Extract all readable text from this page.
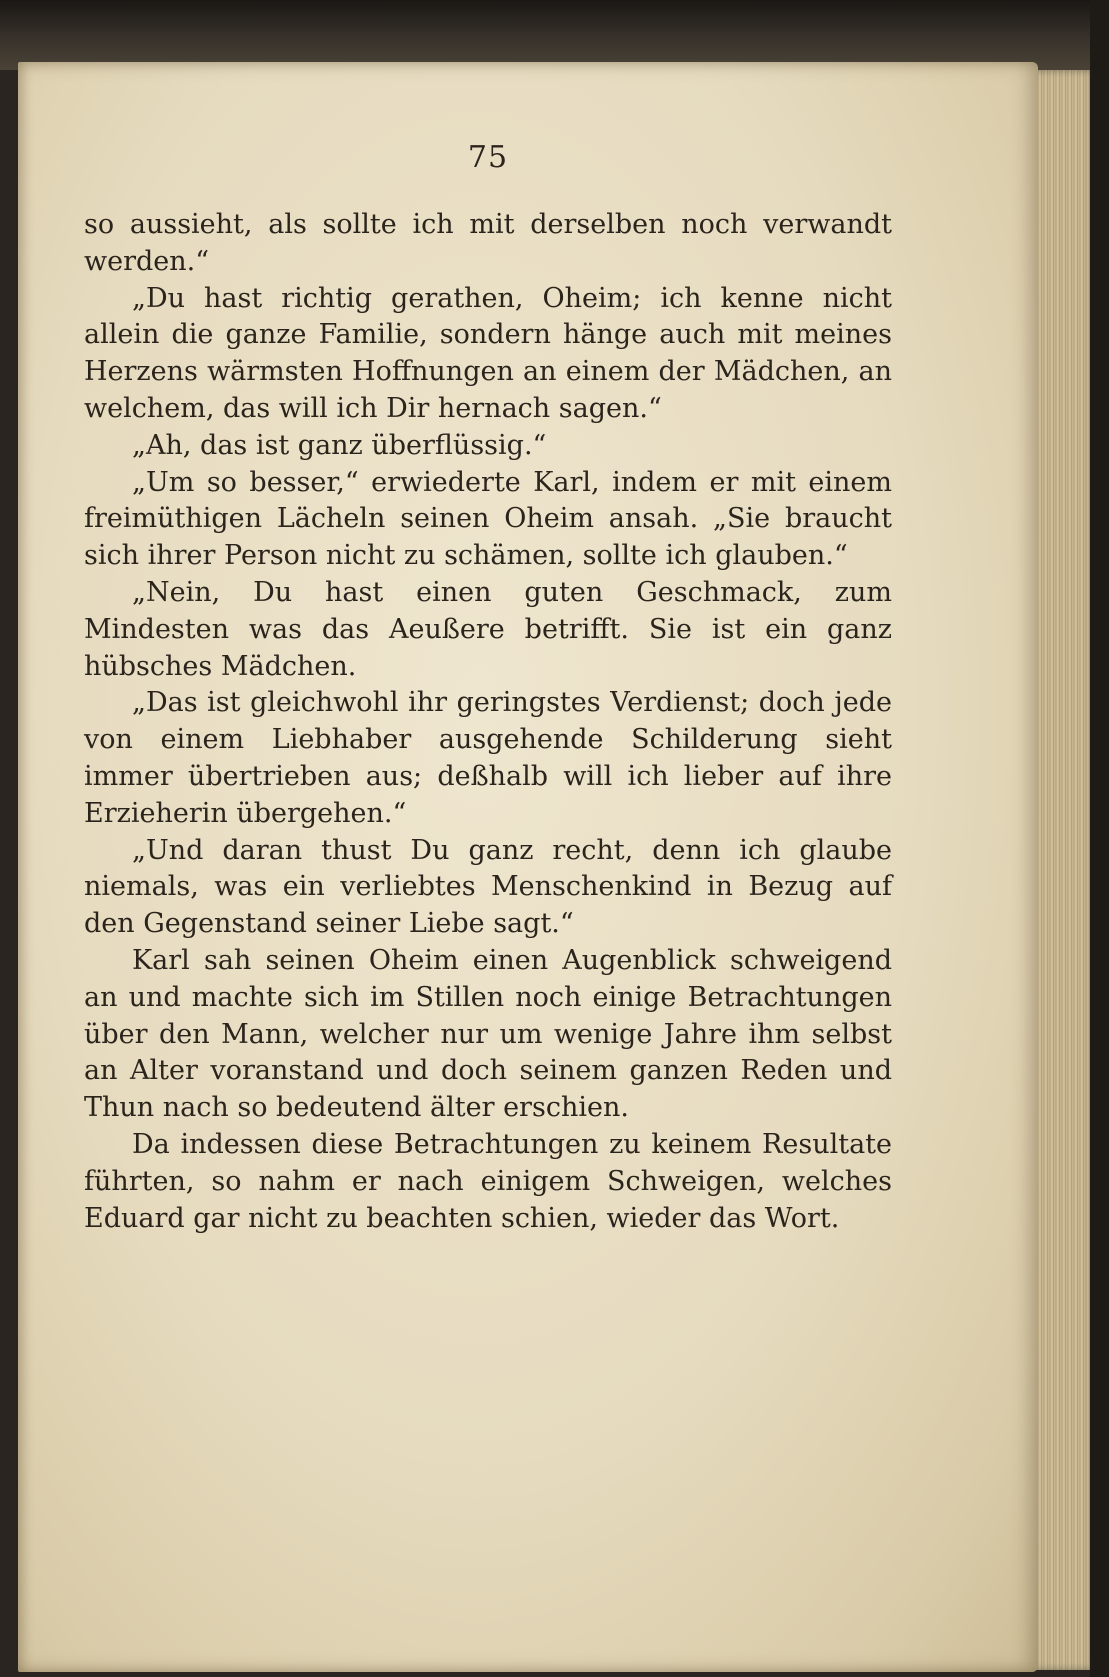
75

so aussieht, als sollte ich mit derselben noch verwandt werden.“

„Du hast richtig gerathen, Oheim; ich kenne nicht allein die ganze Familie, sondern hänge auch mit meines Herzens wärmsten Hoffnungen an einem der Mädchen, an welchem, das will ich Dir hernach sagen.“

„Ah, das ist ganz überflüssig.“

„Um so besser,“ erwiederte Karl, indem er mit einem freimüthigen Lächeln seinen Oheim ansah. „Sie braucht sich ihrer Person nicht zu schämen, sollte ich glauben.“

„Nein, Du hast einen guten Geschmack, zum Mindesten was das Aeußere betrifft. Sie ist ein ganz hübsches Mädchen.

„Das ist gleichwohl ihr geringstes Verdienst; doch jede von einem Liebhaber ausgehende Schilderung sieht immer übertrieben aus; deßhalb will ich lieber auf ihre Erzieherin übergehen.“

„Und daran thust Du ganz recht, denn ich glaube niemals, was ein verliebtes Menschenkind in Bezug auf den Gegenstand seiner Liebe sagt.“

Karl sah seinen Oheim einen Augenblick schweigend an und machte sich im Stillen noch einige Betrachtungen über den Mann, welcher nur um wenige Jahre ihm selbst an Alter voranstand und doch seinem ganzen Reden und Thun nach so bedeutend älter erschien.

Da indessen diese Betrachtungen zu keinem Resultate führten, so nahm er nach einigem Schweigen, welches Eduard gar nicht zu beachten schien, wieder das Wort.
